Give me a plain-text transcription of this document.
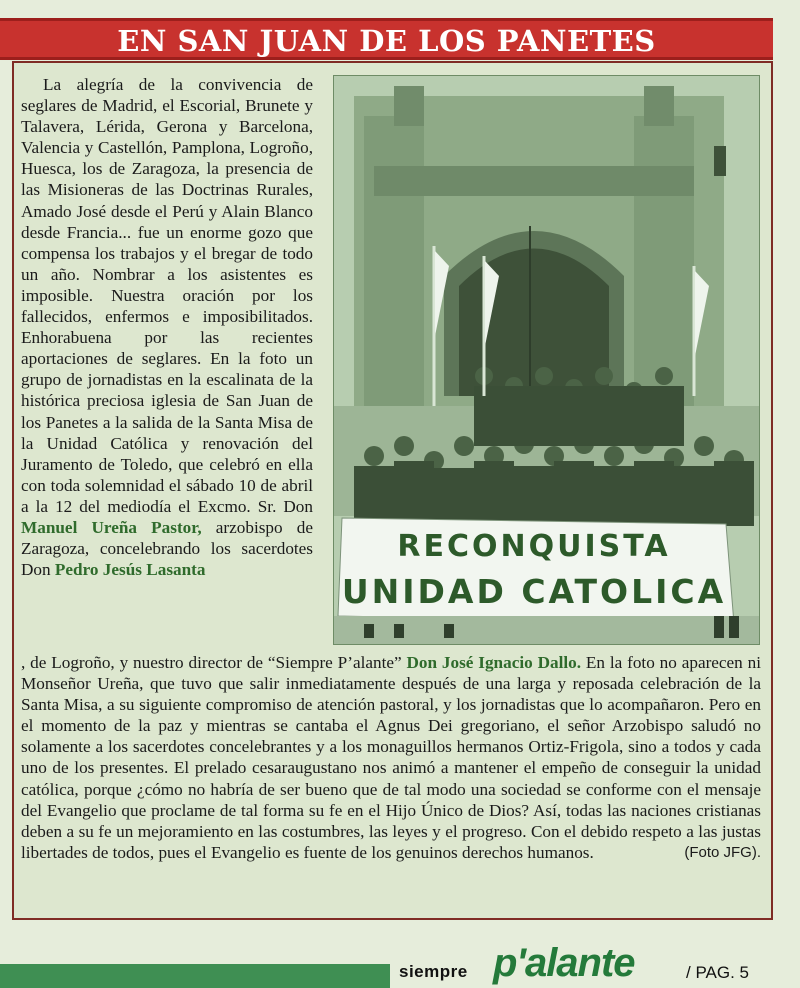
EN SAN JUAN DE LOS PANETES
La alegría de la convivencia de seglares de Madrid, el Escorial, Brunete y Talavera, Lérida, Gerona y Barcelona, Valencia y Castellón, Pamplona, Logroño, Huesca, los de Zaragoza, la presencia de las Misioneras de las Doctrinas Rurales, Amado José desde el Perú y Alain Blanco desde Francia... fue un enorme gozo que compensa los trabajos y el bregar de todo un año. Nombrar a los asistentes es imposible. Nuestra oración por los fallecidos, enfermos e imposibilitados. Enhorabuena por las recientes aportaciones de seglares. En la foto un grupo de jornadistas en la escalinata de la histórica preciosa iglesia de San Juan de los Panetes a la salida de la Santa Misa de la Unidad Católica y renovación del Juramento de Toledo, que celebró en ella con toda solemnidad el sábado 10 de abril a la 12 del mediodía el Excmo. Sr. Don Manuel Ureña Pastor, arzobispo de Zaragoza, concelebrando los sacerdotes Don Pedro Jesús Lasanta
RECONQUISTA
UNIDAD CATOLICA
, de Logroño, y nuestro director de “Siempre P’alante” Don José Ignacio Dallo. En la foto no aparecen ni Monseñor Ureña, que tuvo que salir inmediatamente después de una larga y reposada celebración de la Santa Misa, a su siguiente compromiso de atención pastoral, y los jornadistas que lo acompañaron. Pero en el momento de la paz y mientras se cantaba el Agnus Dei gregoriano, el señor Arzobispo saludó no solamente a los sacerdotes concelebrantes y a los monaguillos hermanos Ortiz-Frigola, sino a todos y cada uno de los presentes. El prelado cesaraugustano nos animó a mantener el empeño de conseguir la unidad católica, porque ¿cómo no habría de ser bueno que de tal modo una sociedad se conforme con el mensaje del Evangelio que proclame de tal forma su fe en el Hijo Único de Dios? Así, todas las naciones cristianas deben a su fe un mejoramiento en las costumbres, las leyes y el progreso. Con el debido respeto a las justas libertades de todos, pues el Evangelio es fuente de los genuinos derechos humanos.	(Foto JFG).
siempre p'alante	/ PAG. 5
